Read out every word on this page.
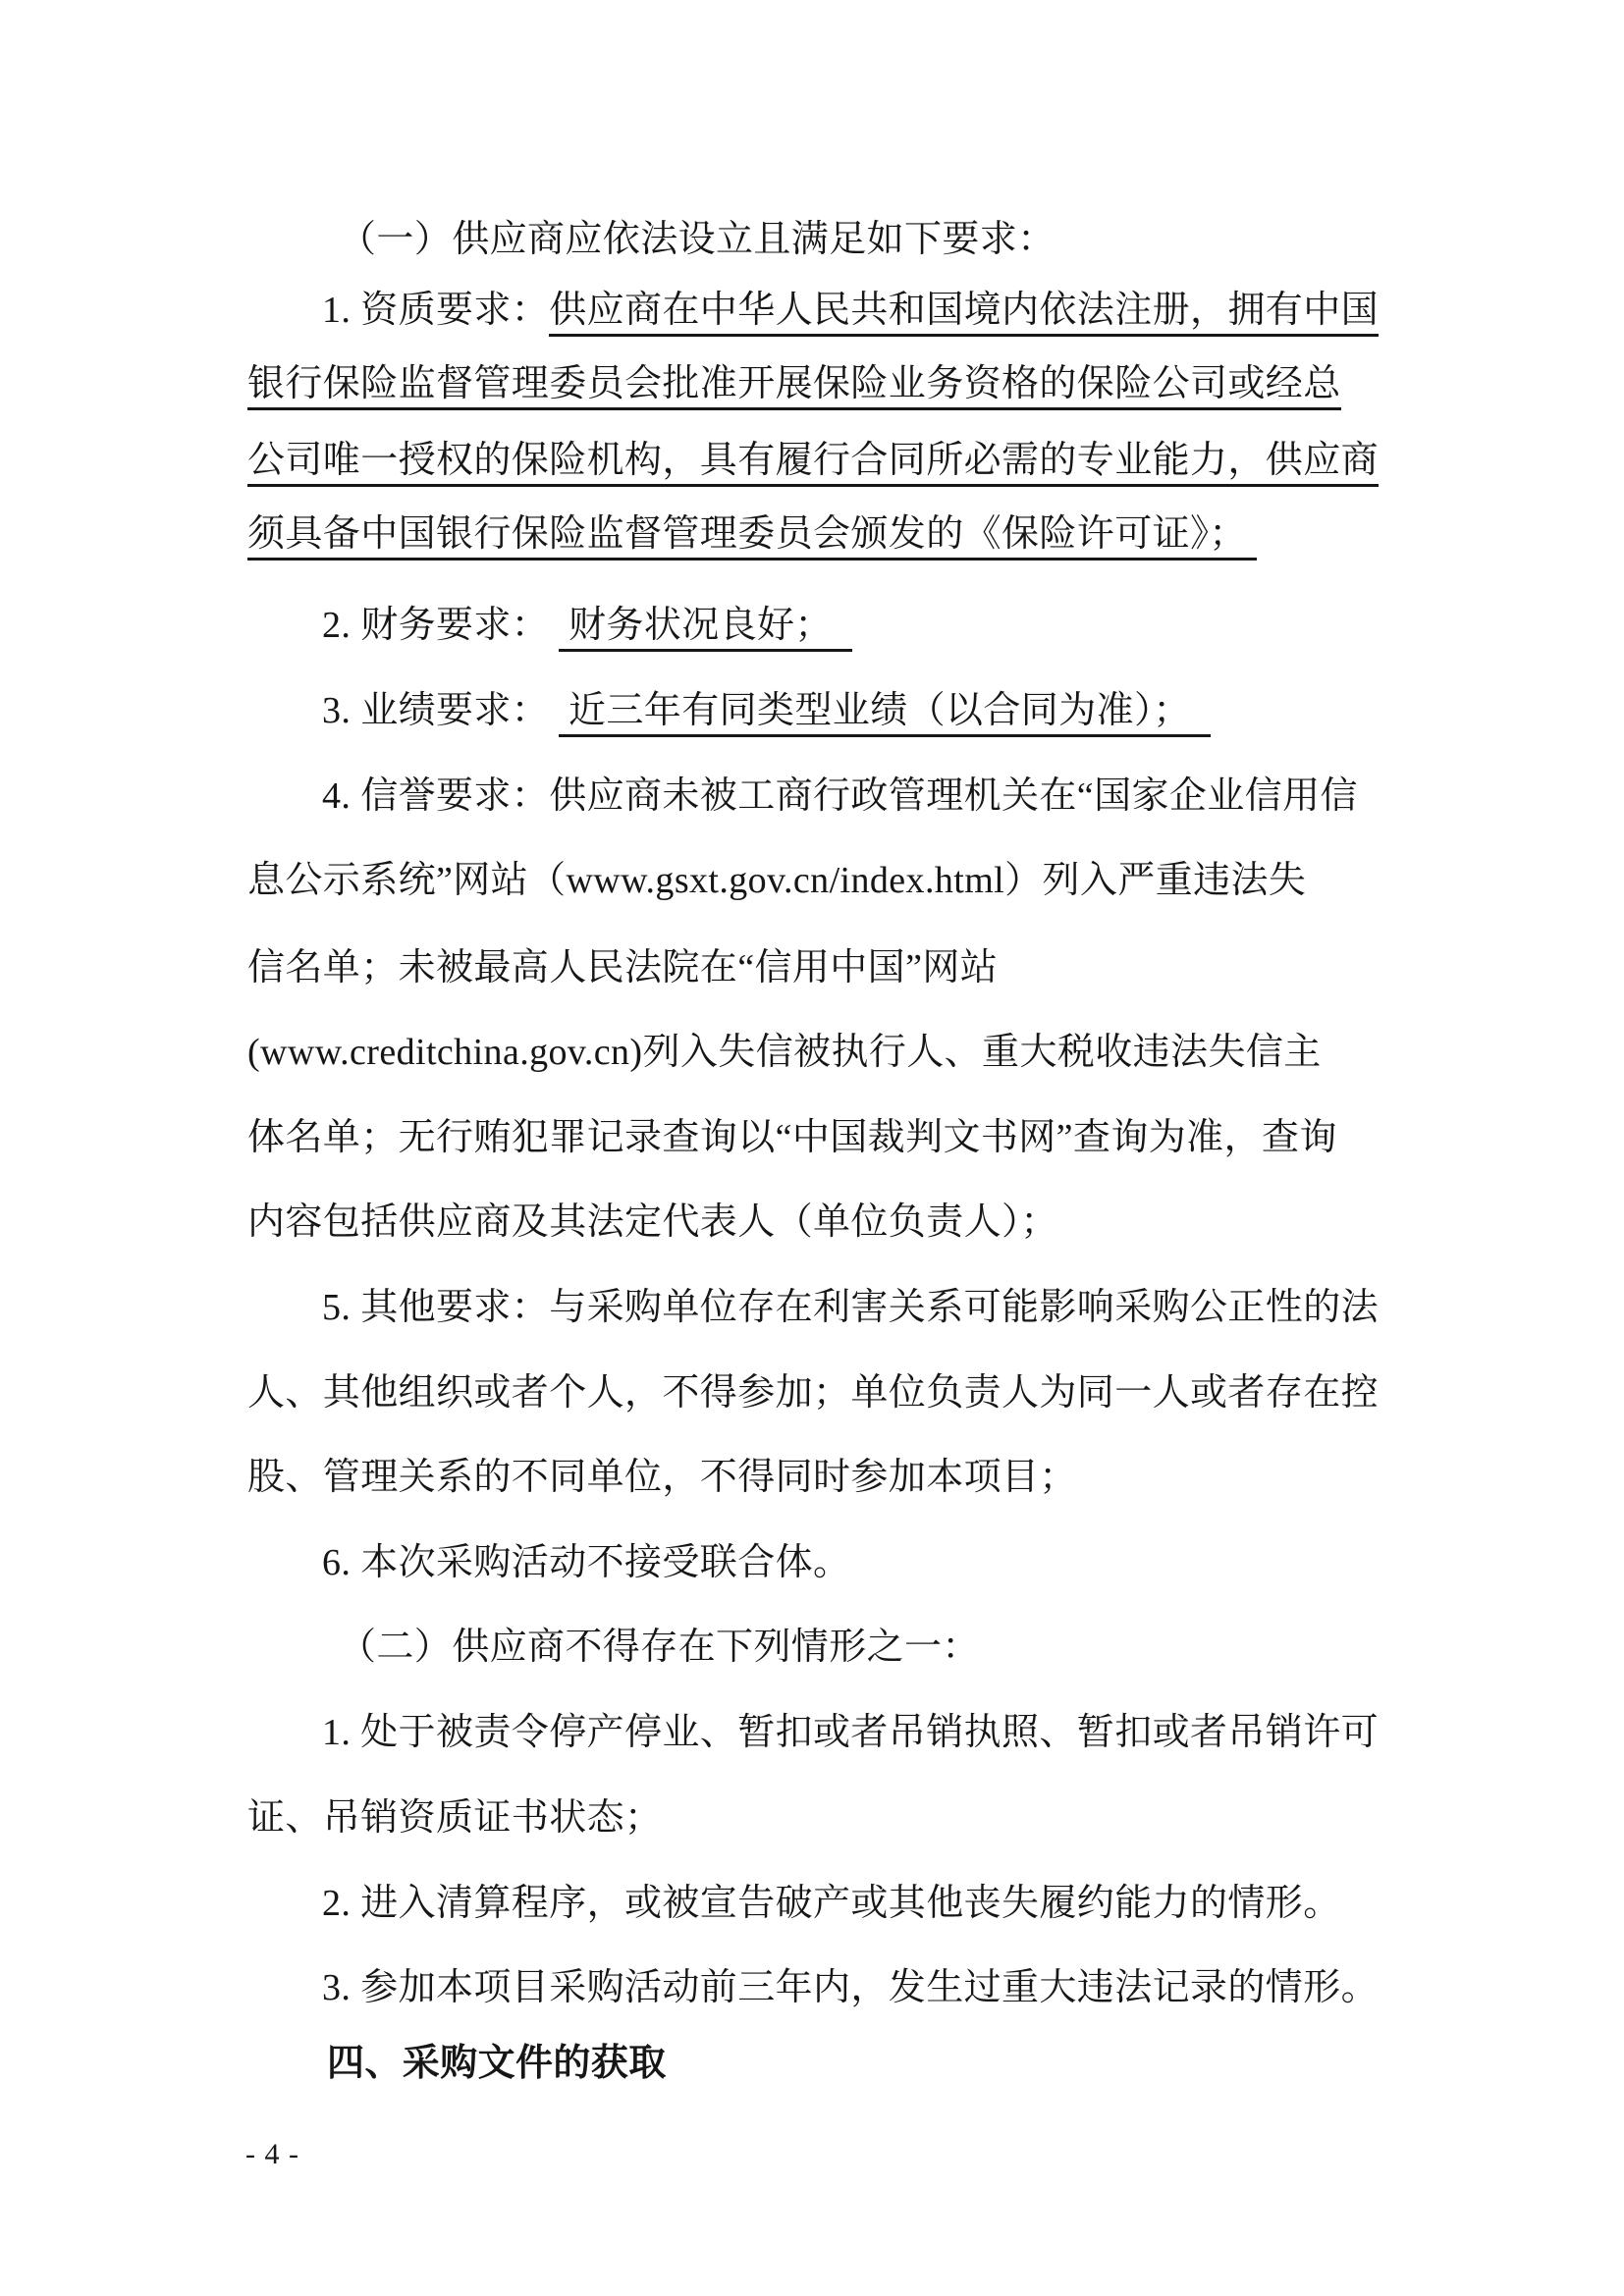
（一）供应商应依法设立且满足如下要求：
1. 资质要求：供应商在中华人民共和国境内依法注册，拥有中国
银行保险监督管理委员会批准开展保险业务资格的保险公司或经总
公司唯一授权的保险机构，具有履行合同所必需的专业能力，供应商
须具备中国银行保险监督管理委员会颁发的《保险许可证》；
2. 财务要求：  财务状况良好；
3. 业绩要求：  近三年有同类型业绩（以合同为准）；
4. 信誉要求：供应商未被工商行政管理机关在“国家企业信用信
息公示系统”网站（www.gsxt.gov.cn/index.html）列入严重违法失
信名单；未被最高人民法院在“信用中国”网站
(www.creditchina.gov.cn)列入失信被执行人、重大税收违法失信主
体名单；无行贿犯罪记录查询以“中国裁判文书网”查询为准，查询
内容包括供应商及其法定代表人（单位负责人）；
5. 其他要求：与采购单位存在利害关系可能影响采购公正性的法
人、其他组织或者个人，不得参加；单位负责人为同一人或者存在控
股、管理关系的不同单位，不得同时参加本项目；
6. 本次采购活动不接受联合体。
（二）供应商不得存在下列情形之一：
1. 处于被责令停产停业、暂扣或者吊销执照、暂扣或者吊销许可
证、吊销资质证书状态；
2. 进入清算程序，或被宣告破产或其他丧失履约能力的情形。
3. 参加本项目采购活动前三年内，发生过重大违法记录的情形。
四、采购文件的获取
- 4 -
